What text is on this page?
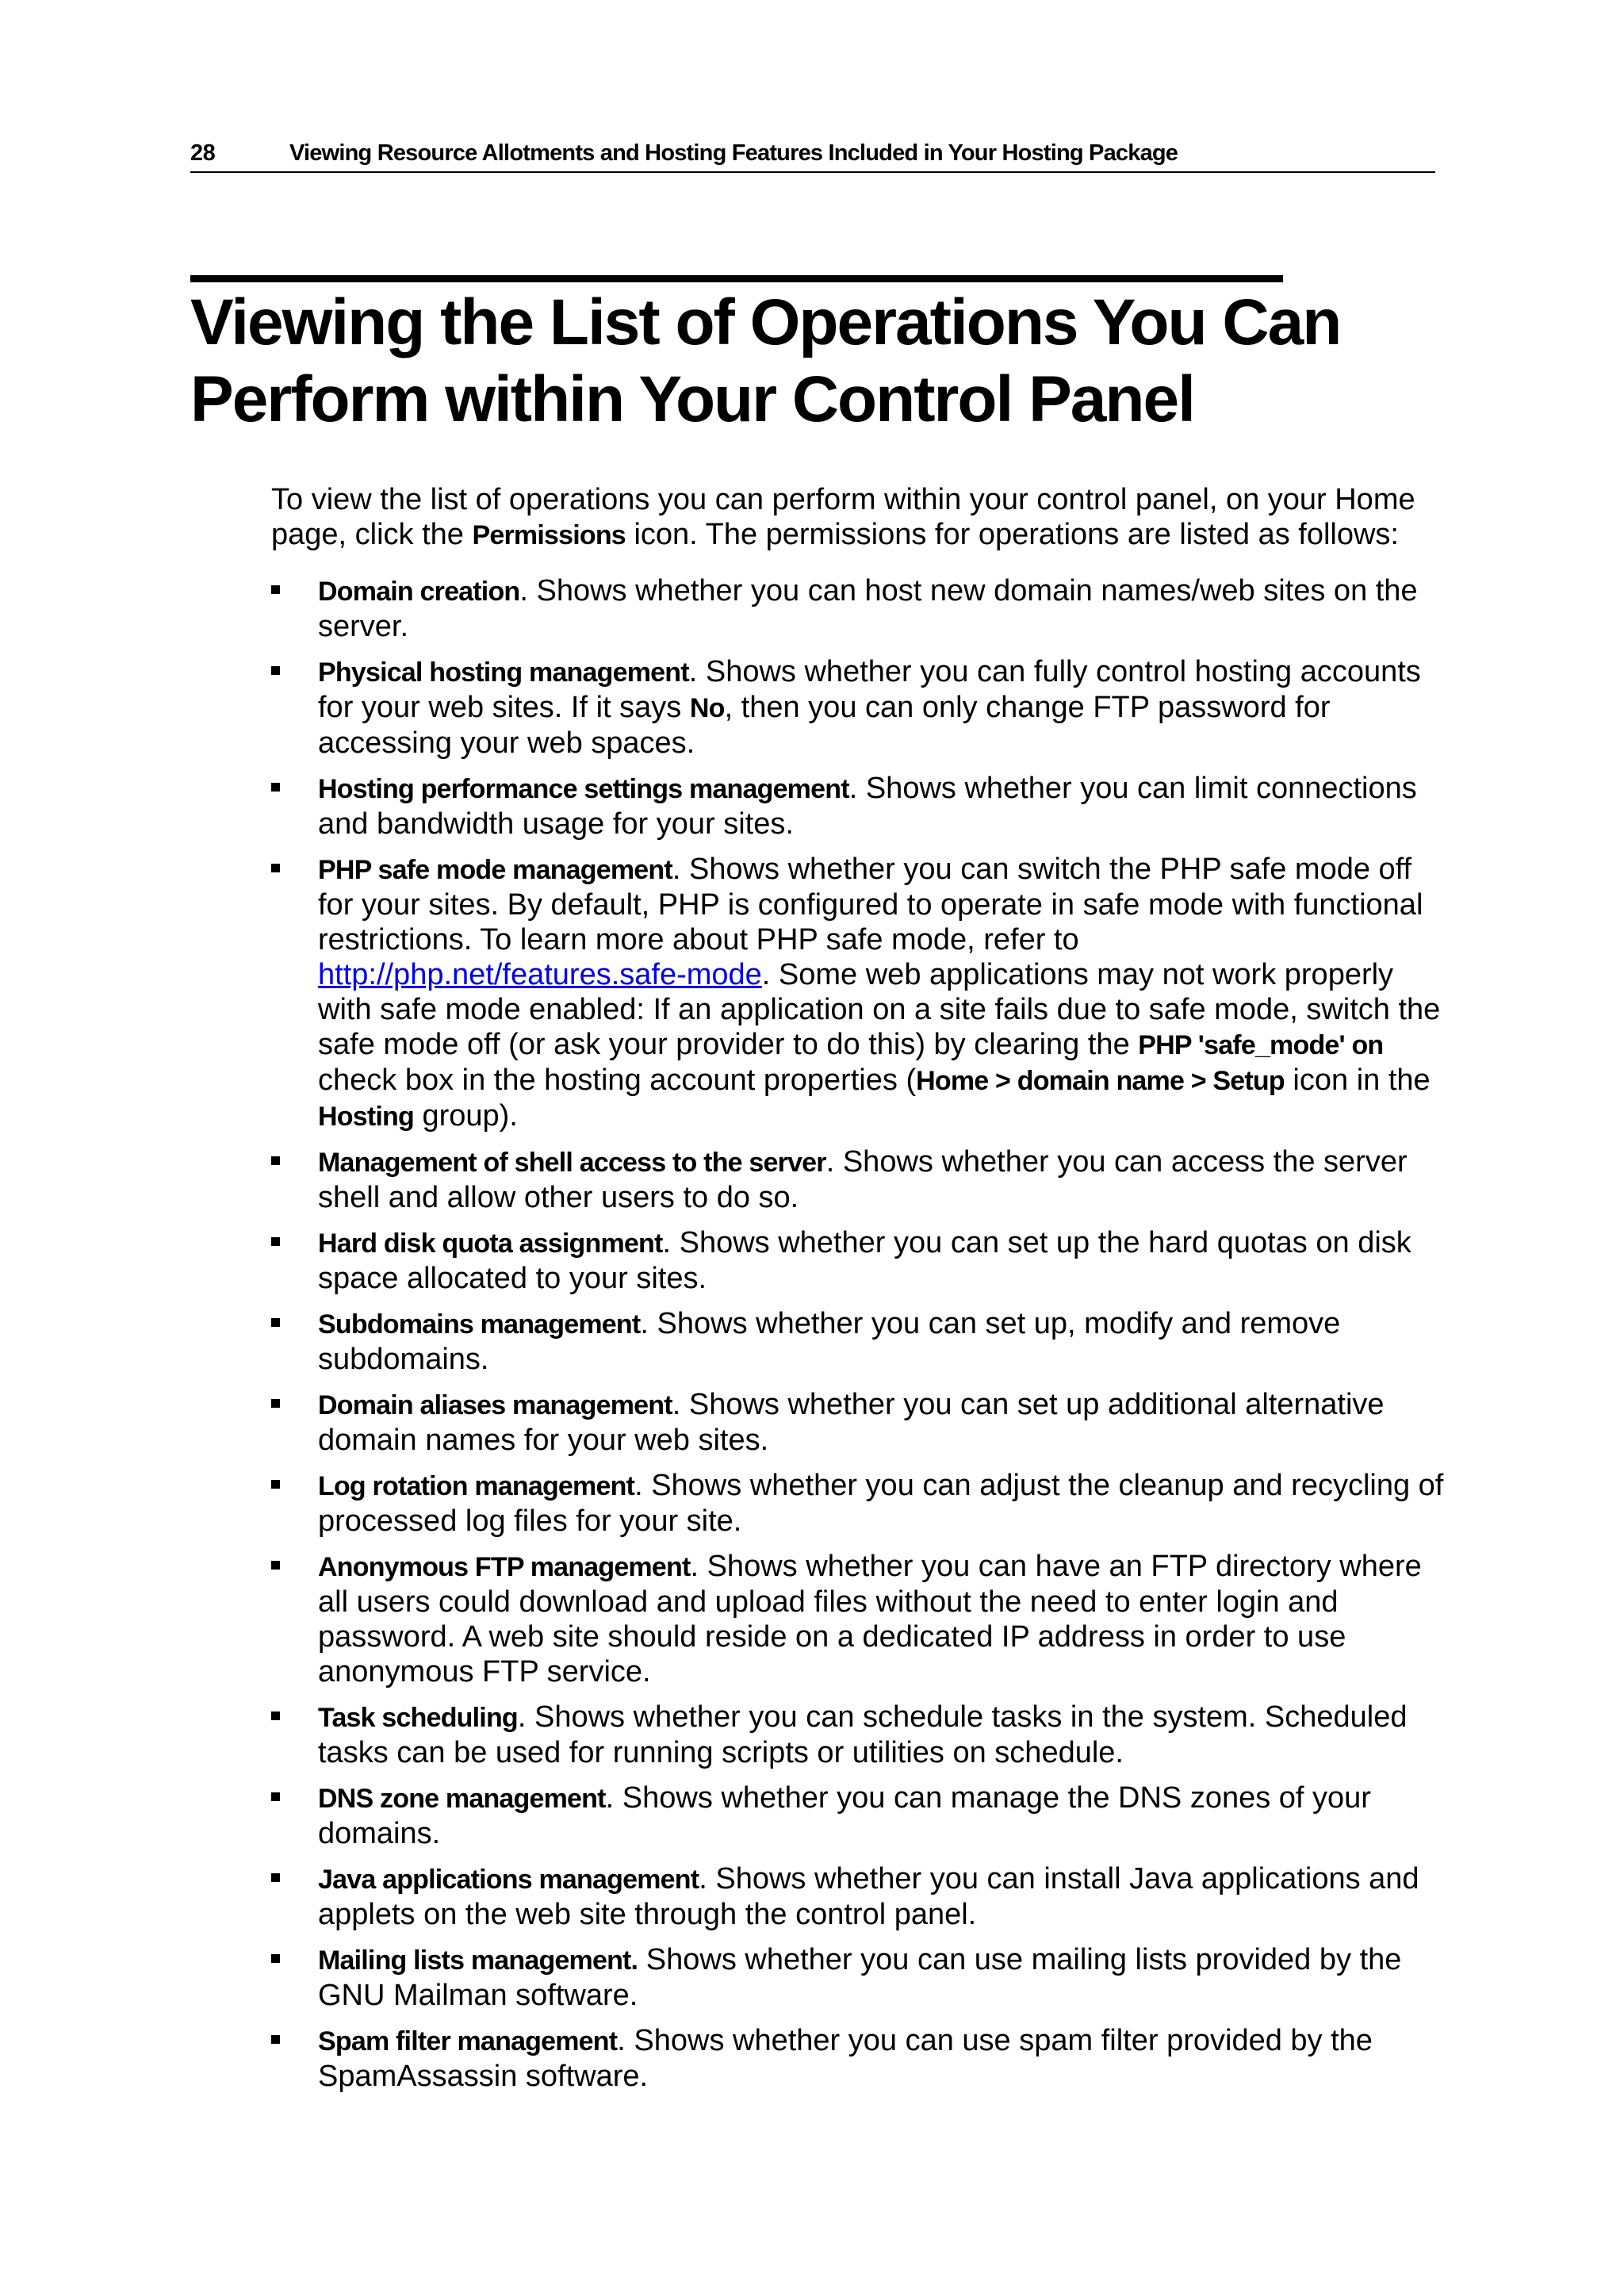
28	Viewing Resource Allotments and Hosting Features Included in Your Hosting Package
Viewing the List of Operations You Can
Perform within Your Control Panel

To view the list of operations you can perform within your control panel, on your Home page, click the Permissions icon. The permissions for operations are listed as follows:

Domain creation. Shows whether you can host new domain names/web sites on the server.
Physical hosting management. Shows whether you can fully control hosting accounts for your web sites. If it says No, then you can only change FTP password for accessing your web spaces.
Hosting performance settings management. Shows whether you can limit connections and bandwidth usage for your sites.
PHP safe mode management. Shows whether you can switch the PHP safe mode off for your sites. By default, PHP is configured to operate in safe mode with functional restrictions. To learn more about PHP safe mode, refer to http://php.net/features.safe-mode. Some web applications may not work properly with safe mode enabled: If an application on a site fails due to safe mode, switch the safe mode off (or ask your provider to do this) by clearing the PHP 'safe_mode' on check box in the hosting account properties (Home > domain name > Setup icon in the Hosting group).
Management of shell access to the server. Shows whether you can access the server shell and allow other users to do so.
Hard disk quota assignment. Shows whether you can set up the hard quotas on disk space allocated to your sites.
Subdomains management. Shows whether you can set up, modify and remove subdomains.
Domain aliases management. Shows whether you can set up additional alternative domain names for your web sites.
Log rotation management. Shows whether you can adjust the cleanup and recycling of processed log files for your site.
Anonymous FTP management. Shows whether you can have an FTP directory where all users could download and upload files without the need to enter login and password. A web site should reside on a dedicated IP address in order to use anonymous FTP service.
Task scheduling. Shows whether you can schedule tasks in the system. Scheduled tasks can be used for running scripts or utilities on schedule.
DNS zone management. Shows whether you can manage the DNS zones of your domains.
Java applications management. Shows whether you can install Java applications and applets on the web site through the control panel.
Mailing lists management. Shows whether you can use mailing lists provided by the GNU Mailman software.
Spam filter management. Shows whether you can use spam filter provided by the SpamAssassin software.
